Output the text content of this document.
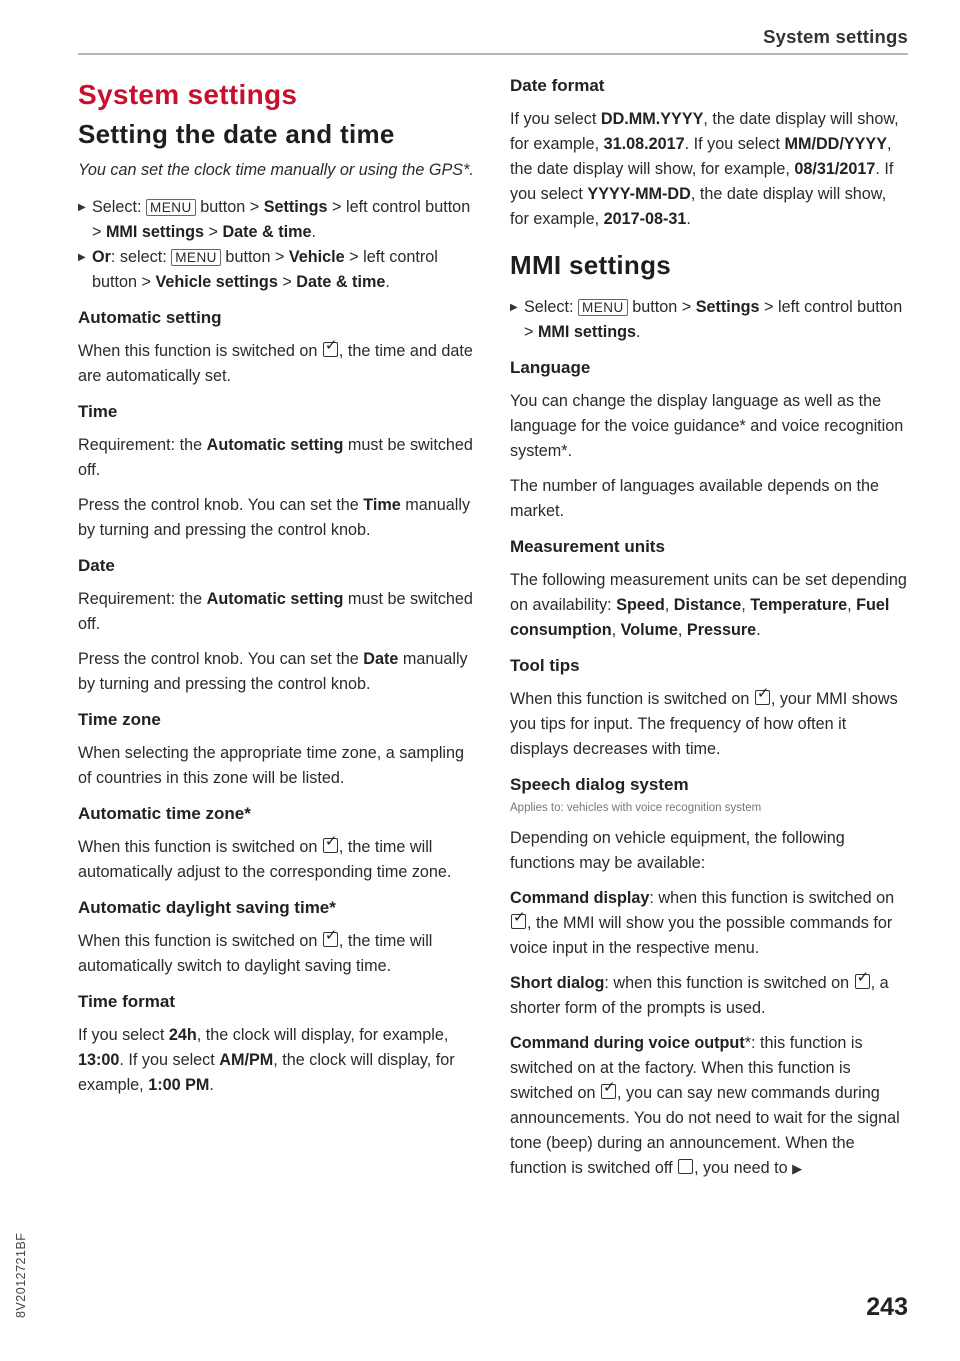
System settings
System settings
Setting the date and time

You can set the clock time manually or using the GPS*.

▶ Select: MENU button > Settings > left control button > MMI settings > Date & time.

▶ Or: select: MENU button > Vehicle > left control button > Vehicle settings > Date & time.

Automatic setting

When this function is switched on ✓ , the time and date are automatically set.

Time

Requirement: the Automatic setting must be switched off.

Press the control knob. You can set the Time manually by turning and pressing the control knob.

Date

Requirement: the Automatic setting must be switched off.

Press the control knob. You can set the Date manually by turning and pressing the control knob.

Time zone

When selecting the appropriate time zone, a sampling of countries in this zone will be listed.

Automatic time zone*

When this function is switched on ✓ , the time will automatically adjust to the corresponding time zone.

Automatic daylight saving time*

When this function is switched on ✓ , the time will automatically switch to daylight saving time.

Time format

If you select 24h, the clock will display, for example, 13:00. If you select AM/PM, the clock will display, for example, 1:00 PM.

Date format

If you select DD.MM.YYYY, the date display will show, for example, 31.08.2017. If you select MM/DD/YYYY, the date display will show, for example, 08/31/2017. If you select YYYY-MM-DD, the date display will show, for example, 2017-08-31.

MMI settings

▶ Select: MENU button > Settings > left control button > MMI settings.

Language

You can change the display language as well as the language for the voice guidance* and voice recognition system*.

The number of languages available depends on the market.

Measurement units

The following measurement units can be set depending on availability: Speed, Distance, Temperature, Fuel consumption, Volume, Pressure.

Tool tips

When this function is switched on ✓ , your MMI shows you tips for input. The frequency of how often it displays decreases with time.

Speech dialog system

Applies to: vehicles with voice recognition system

Depending on vehicle equipment, the following functions may be available:

Command display: when this function is switched on
✓ , the MMI will show you the possible commands for voice input in the respective menu.

Short dialog: when this function is switched on ✓ , a shorter form of the prompts is used.

Command during voice output*: this function is switched on at the factory. When this function is switched on ✓ , you can say new commands during announcements. You do not need to wait for the signal tone (beep) during an announcement. When the function is switched off , you need to ▶

8V2012721BF	243
